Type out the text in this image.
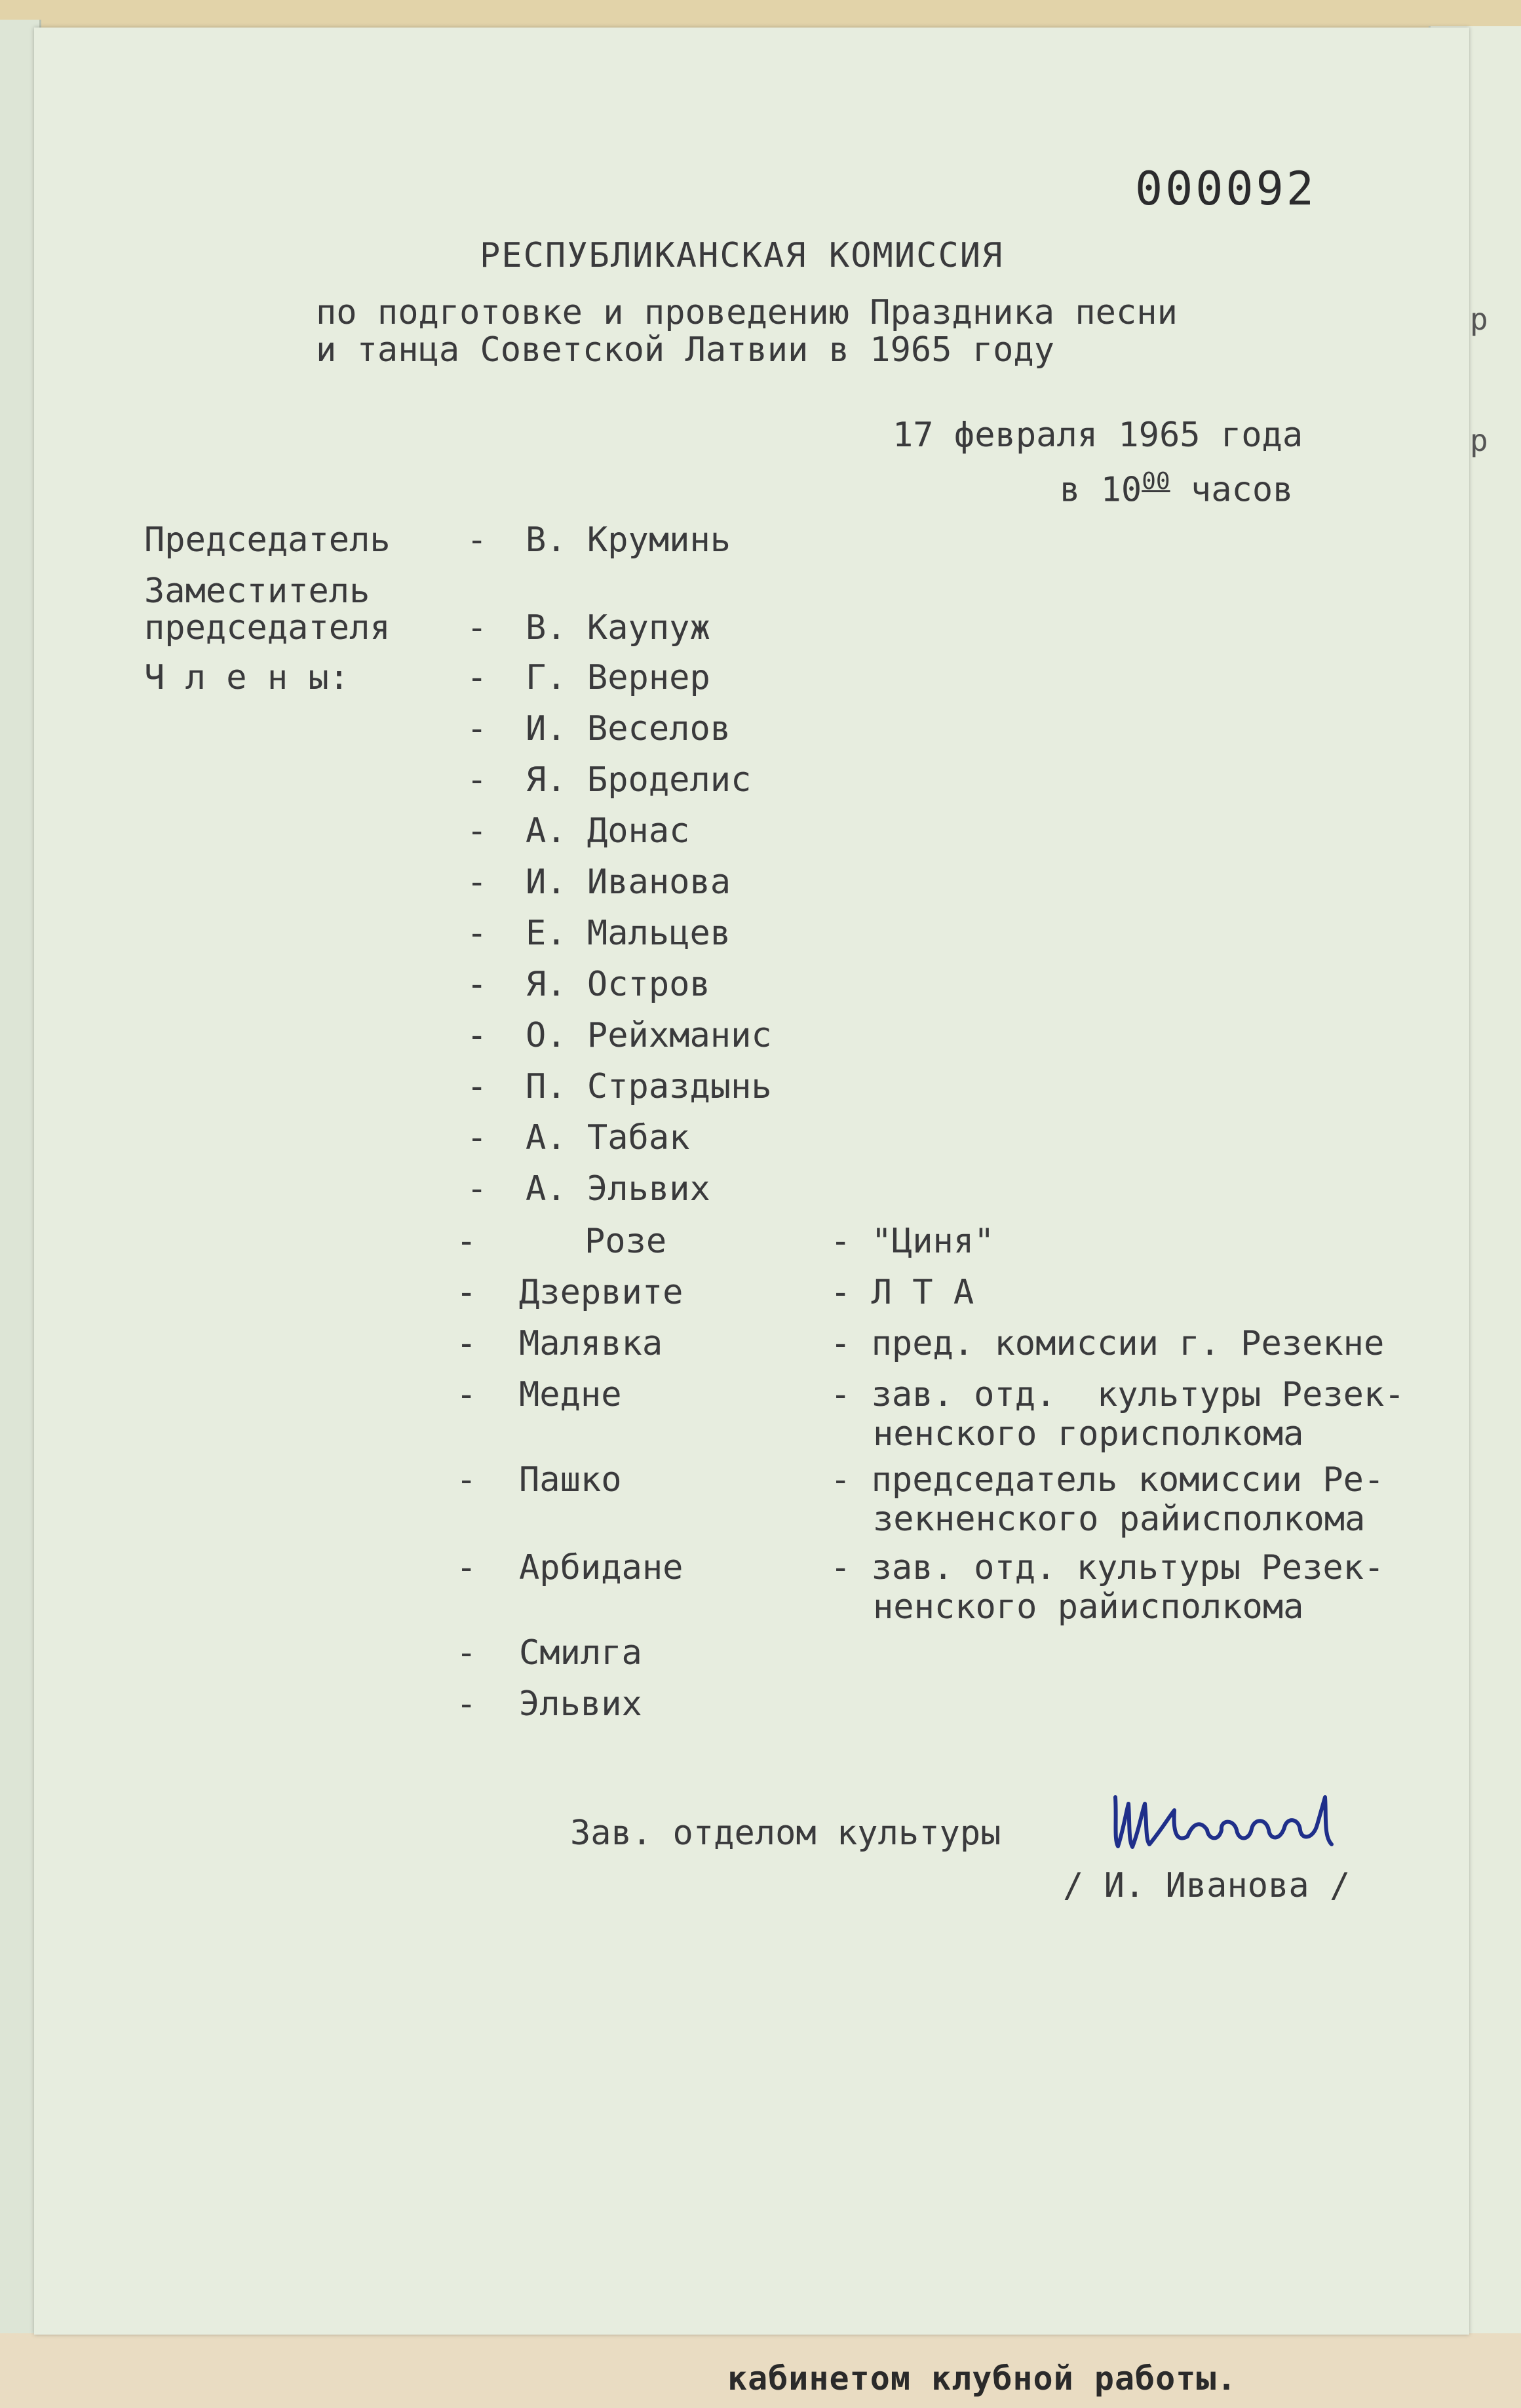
р
р
кабинетом клубной работы.
000092
РЕСПУБЛИКАНСКАЯ КОМИССИЯ
по подготовке и проведению Праздника песни
и танца Советской Латвии в 1965 году
17 февраля 1965 года
в $10^{00}$ часов
Председатель - В. Круминь
Заместитель
председателя - В. Каупуж
Ч л е н ы:	- Г. Вернер
- И. Веселов
- Я. Броделис
- А. Донас
- И. Иванова
- Е. Мальцев
- Я. Остров
- О. Рейхманис
- П. Страздынь
- А. Табак
- А. Эльвих
-	Розе	- "Циня"
- Дзервите	- Л Т А
- Малявка	- пред. комиссии г. Резекне
- Медне	- зав. отд.  культуры Резек-
ненского горисполкома
- Пашко	- председатель комиссии Ре-
зекненского райисполкома
- Арбидане	- зав. отд. культуры Резек-
ненского райисполкома
- Смилга
- Эльвих
Зав. отделом культуры
/ И. Иванова /
